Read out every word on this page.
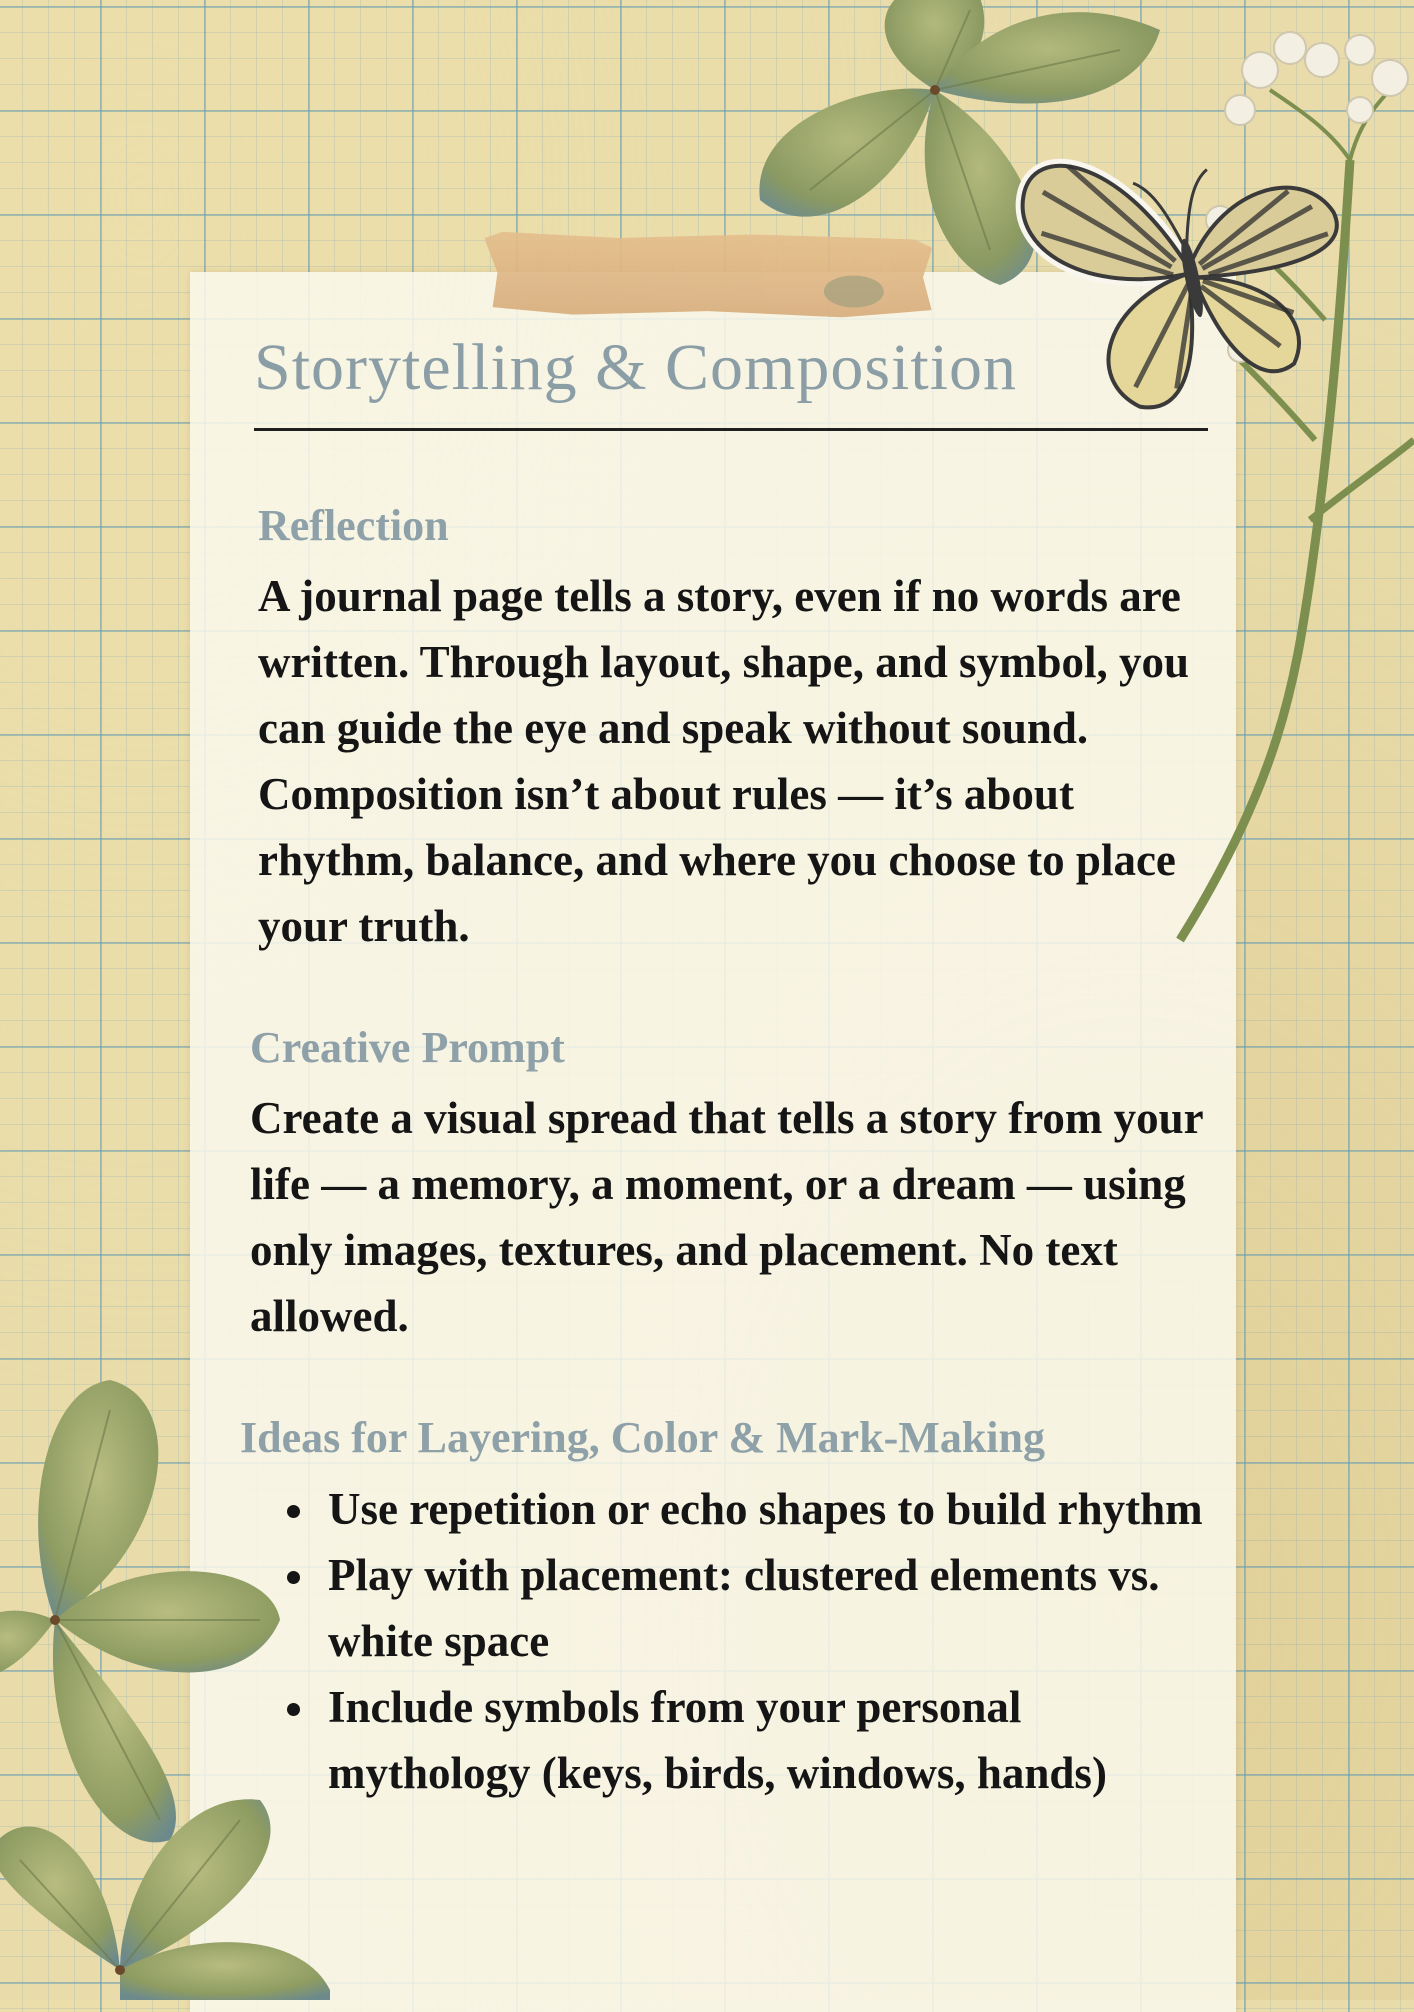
Storytelling & Composition
Reflection

A journal page tells a story, even if no words are written. Through layout, shape, and symbol, you can guide the eye and speak without sound. Composition isn’t about rules — it’s about rhythm, balance, and where you choose to place your truth.

Creative Prompt

Create a visual spread that tells a story from your life — a memory, a moment, or a dream — using only images, textures, and placement. No text allowed.

Ideas for Layering, Color & Mark-Making
• Use repetition or echo shapes to build rhythm
• Play with placement: clustered elements vs. white space
• Include symbols from your personal mythology (keys, birds, windows, hands)
